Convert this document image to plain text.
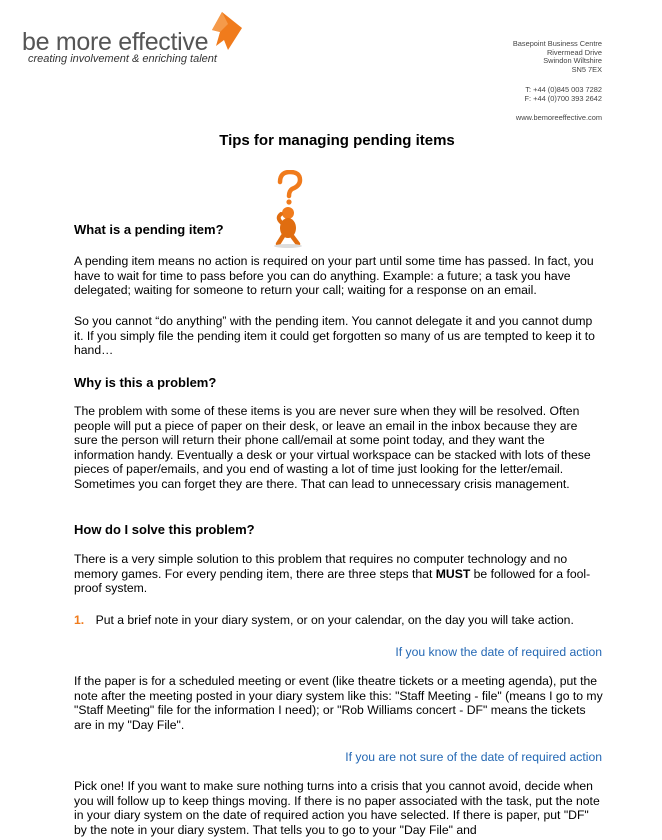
be more effective
creating involvement & enriching talent
Basepoint Business Centre
Rivermead Drive
Swindon Wiltshire
SN5 7EX
T: +44 (0)845 003 7282
F: +44 (0)700 393 2642
www.bemoreeffective.com
Tips for managing pending items
What is a pending item?
A pending item means no action is required on your part until some time has passed. In fact, you have to wait for time to pass before you can do anything. Example: a future; a task you have delegated; waiting for someone to return your call; waiting for a response on an email.
So you cannot “do anything” with the pending item. You cannot delegate it and you cannot dump it. If you simply file the pending item it could get forgotten so many of us are tempted to keep it to hand…
Why is this a problem?
The problem with some of these items is you are never sure when they will be resolved. Often people will put a piece of paper on their desk, or leave an email in the inbox because they are sure the person will return their phone call/email at some point today, and they want the information handy. Eventually a desk or your virtual workspace can be stacked with lots of these pieces of paper/emails, and you end of wasting a lot of time just looking for the letter/email. Sometimes you can forget they are there. That can lead to unnecessary crisis management.
How do I solve this problem?
There is a very simple solution to this problem that requires no computer technology and no memory games. For every pending item, there are three steps that MUST be followed for a fool-proof system.
1. Put a brief note in your diary system, or on your calendar, on the day you will take action.
If you know the date of required action
If the paper is for a scheduled meeting or event (like theatre tickets or a meeting agenda), put the note after the meeting posted in your diary system like this: "Staff Meeting - file" (means I go to my "Staff Meeting" file for the information I need); or "Rob Williams concert - DF" means the tickets are in my "Day File".
If you are not sure of the date of required action
Pick one! If you want to make sure nothing turns into a crisis that you cannot avoid, decide when you will follow up to keep things moving. If there is no paper associated with the task, put the note in your diary system on the date of required action you have selected. If there is paper, put "DF" by the note in your diary system. That tells you to go to your "Day File" and
